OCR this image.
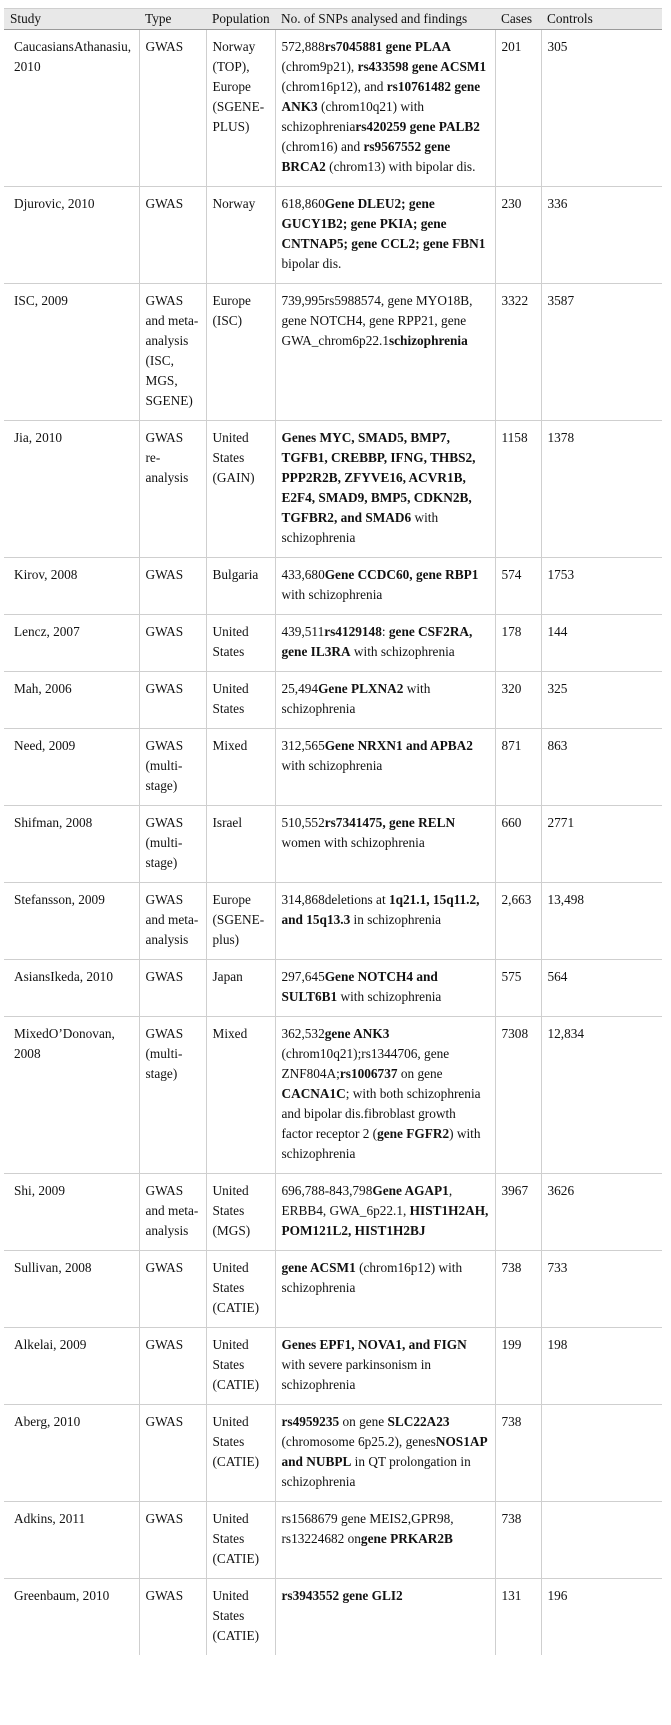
Study	Type	Population	No. of SNPs analysed and findings	Cases	Controls
CaucasiansAthanasiu, 2010	GWAS	Norway (TOP), Europe (SGENE-PLUS)	572,888rs7045881 gene PLAA (chrom9p21), rs433598 gene ACSM1 (chrom16p12), and rs10761482 gene ANK3 (chrom10q21) with schizophreniars420259 gene PALB2 (chrom16) and rs9567552 gene BRCA2 (chrom13) with bipolar dis.	201	305
Djurovic, 2010	GWAS	Norway	618,860Gene DLEU2; gene GUCY1B2; gene PKIA; gene CNTNAP5; gene CCL2; gene FBN1 bipolar dis.	230	336
ISC, 2009	GWAS and meta-analysis (ISC, MGS, SGENE)	Europe (ISC)	739,995rs5988574, gene MYO18B, gene NOTCH4, gene RPP21, gene GWA_chrom6p22.1schizophrenia	3322	3587
Jia, 2010	GWAS re-analysis	United States (GAIN)	Genes MYC, SMAD5, BMP7, TGFB1, CREBBP, IFNG, THBS2, PPP2R2B, ZFYVE16, ACVR1B, E2F4, SMAD9, BMP5, CDKN2B, TGFBR2, and SMAD6 with schizophrenia	1158	1378
Kirov, 2008	GWAS	Bulgaria	433,680Gene CCDC60, gene RBP1 with schizophrenia	574	1753
Lencz, 2007	GWAS	United States	439,511rs4129148: gene CSF2RA, gene IL3RA with schizophrenia	178	144
Mah, 2006	GWAS	United States	25,494Gene PLXNA2 with schizophrenia	320	325
Need, 2009	GWAS (multi-stage)	Mixed	312,565Gene NRXN1 and APBA2 with schizophrenia	871	863
Shifman, 2008	GWAS (multi-stage)	Israel	510,552rs7341475, gene RELN women with schizophrenia	660	2771
Stefansson, 2009	GWAS and meta-analysis	Europe (SGENE-plus)	314,868deletions at 1q21.1, 15q11.2, and 15q13.3 in schizophrenia	2,663	13,498
AsiansIkeda, 2010	GWAS	Japan	297,645Gene NOTCH4 and SULT6B1 with schizophrenia	575	564
MixedO’Donovan, 2008	GWAS (multi-stage)	Mixed	362,532gene ANK3 (chrom10q21);rs1344706, gene ZNF804A;rs1006737 on gene CACNA1C; with both schizophrenia and bipolar dis.fibroblast growth factor receptor 2 (gene FGFR2) with schizophrenia	7308	12,834
Shi, 2009	GWAS and meta-analysis	United States (MGS)	696,788-843,798Gene AGAP1, ERBB4, GWA_6p22.1, HIST1H2AH, POM121L2, HIST1H2BJ	3967	3626
Sullivan, 2008	GWAS	United States (CATIE)	gene ACSM1 (chrom16p12) with schizophrenia	738	733
Alkelai, 2009	GWAS	United States (CATIE)	Genes EPF1, NOVA1, and FIGN with severe parkinsonism in schizophrenia	199	198
Aberg, 2010	GWAS	United States (CATIE)	rs4959235 on gene SLC22A23 (chromosome 6p25.2), genesNOS1AP and NUBPL in QT prolongation in schizophrenia	738	
Adkins, 2011	GWAS	United States (CATIE)	rs1568679 gene MEIS2,GPR98, rs13224682 ongene PRKAR2B	738	
Greenbaum, 2010	GWAS	United States (CATIE)	rs3943552 gene GLI2	131	196
